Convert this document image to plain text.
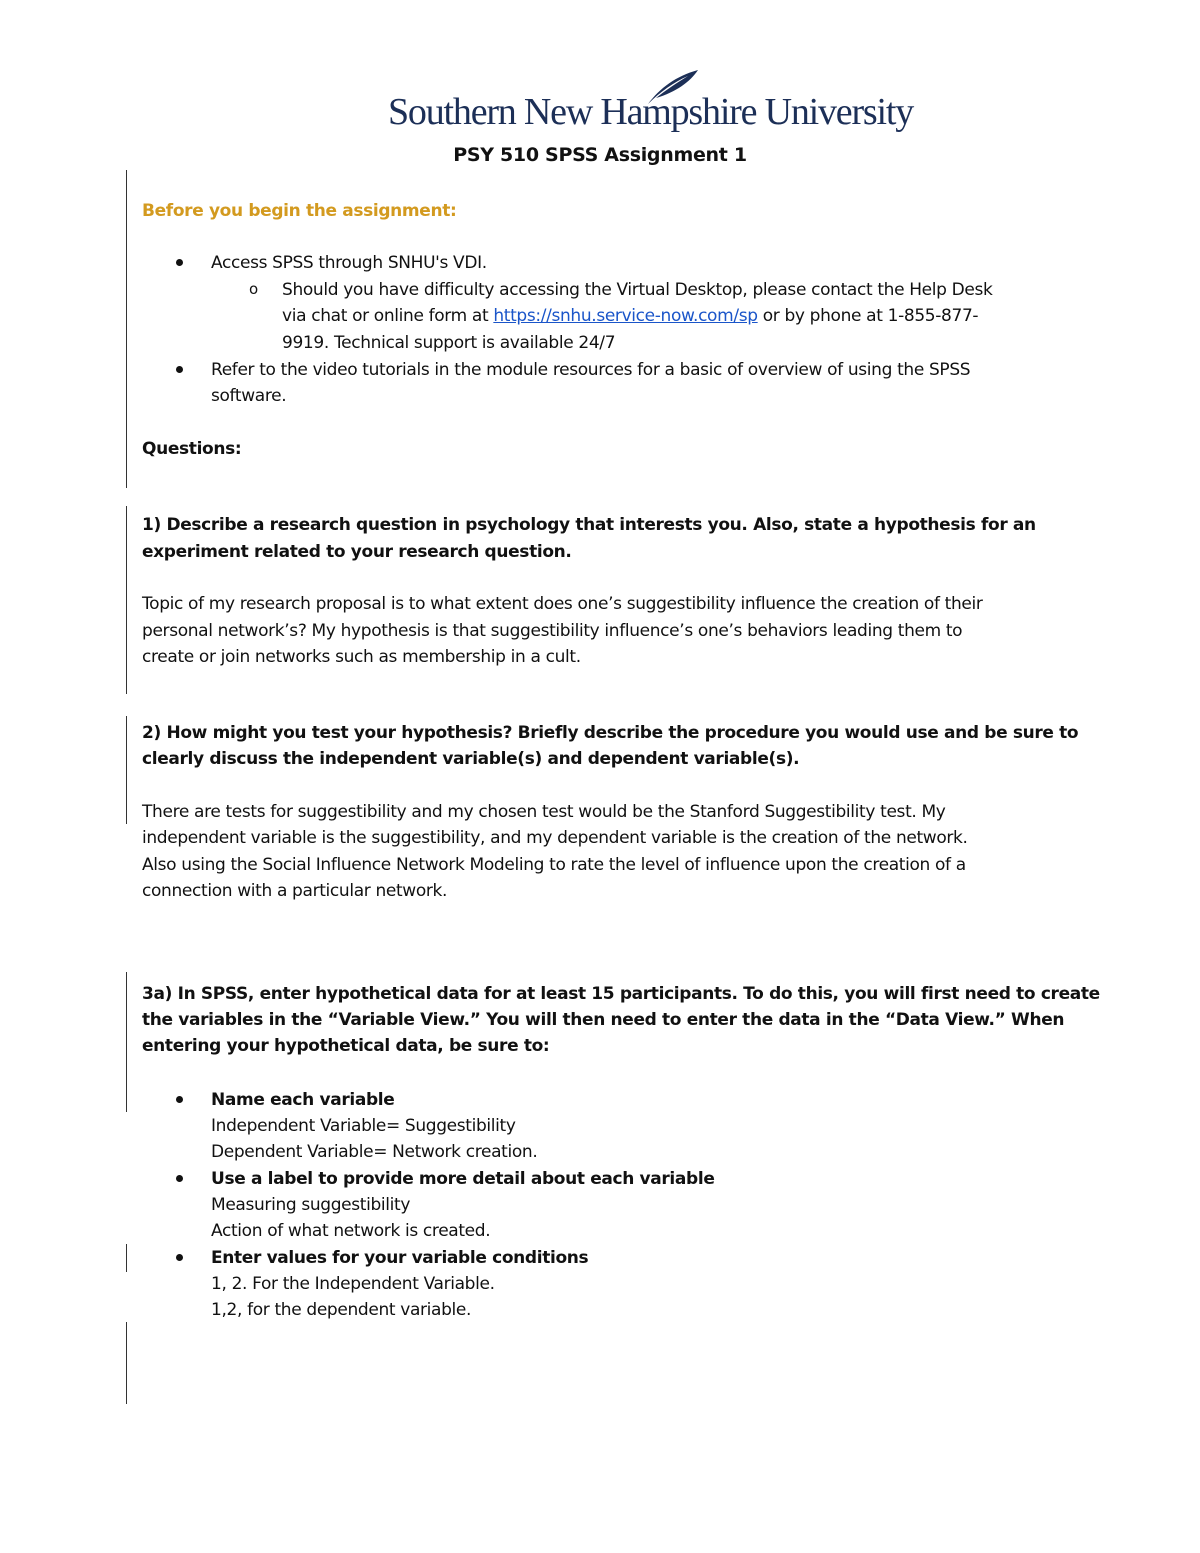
Southern New Hampshire University
PSY 510 SPSS Assignment 1
Before you begin the assignment:
Access SPSS through SNHU's VDI.
o Should you have difficulty accessing the Virtual Desktop, please contact the Help Desk
via chat or online form at https://snhu.service-now.com/sp or by phone at 1-855-877-
9919. Technical support is available 24/7
Refer to the video tutorials in the module resources for a basic of overview of using the SPSS
software.
Questions:
1) Describe a research question in psychology that interests you. Also, state a hypothesis for an
experiment related to your research question.
Topic of my research proposal is to what extent does one’s suggestibility influence the creation of their
personal network’s? My hypothesis is that suggestibility influence’s one’s behaviors leading them to
create or join networks such as membership in a cult.
2) How might you test your hypothesis? Briefly describe the procedure you would use and be sure to
clearly discuss the independent variable(s) and dependent variable(s).
There are tests for suggestibility and my chosen test would be the Stanford Suggestibility test. My
independent variable is the suggestibility, and my dependent variable is the creation of the network.
Also using the Social Influence Network Modeling to rate the level of influence upon the creation of a
connection with a particular network.
3a) In SPSS, enter hypothetical data for at least 15 participants. To do this, you will first need to create
the variables in the “Variable View.” You will then need to enter the data in the “Data View.” When
entering your hypothetical data, be sure to:
Name each variable
Independent Variable= Suggestibility
Dependent Variable= Network creation.
Use a label to provide more detail about each variable
Measuring suggestibility
Action of what network is created.
Enter values for your variable conditions
1, 2. For the Independent Variable.
1,2, for the dependent variable.
